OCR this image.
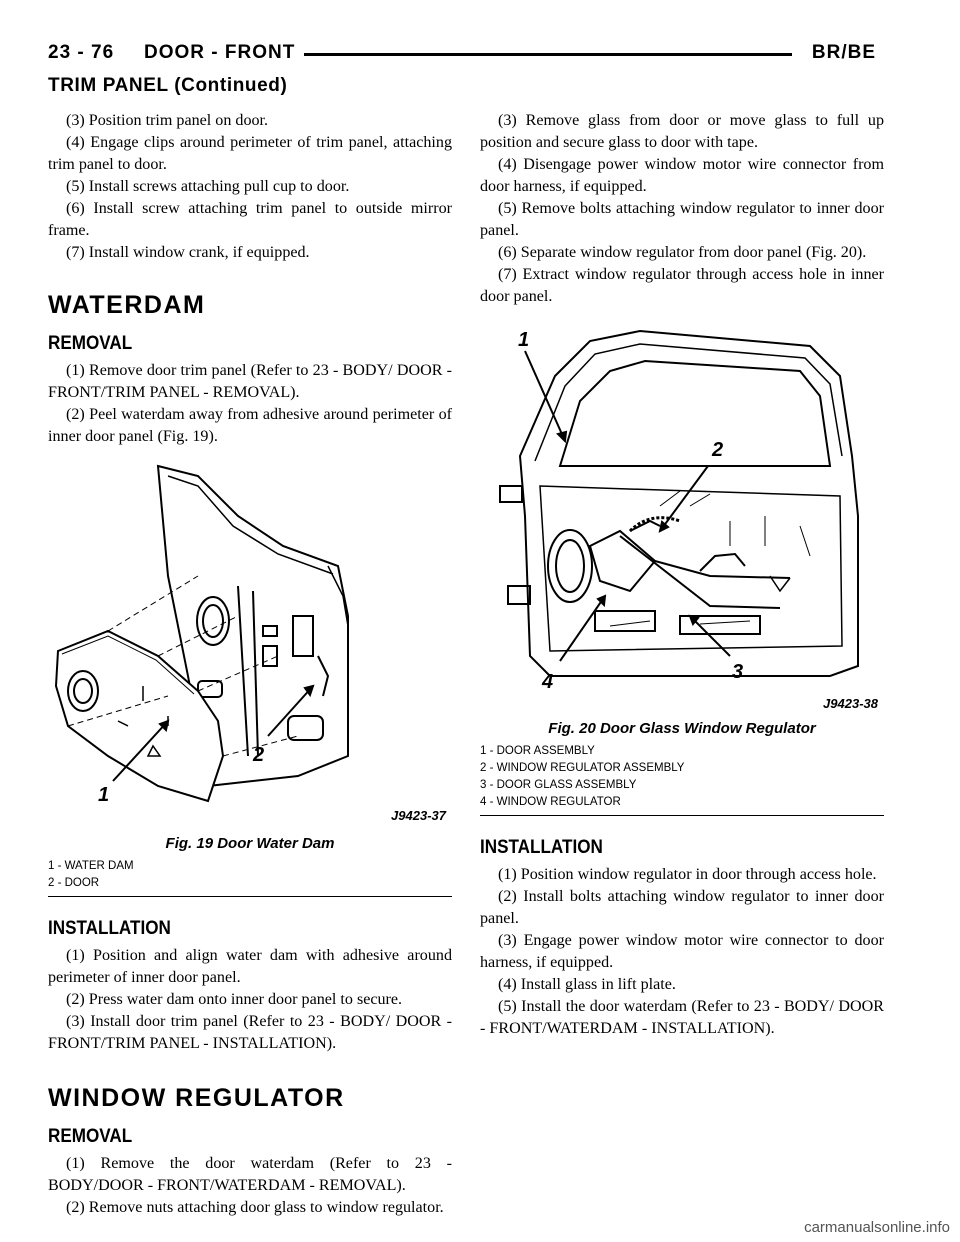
23 - 76 DOOR - FRONT	BR/BE
TRIM PANEL (Continued)

(3) Position trim panel on door.

(4) Engage clips around perimeter of trim panel, attaching trim panel to door.

(5) Install screws attaching pull cup to door.

(6) Install screw attaching trim panel to outside mirror frame.

(7) Install window crank, if equipped.

WATERDAM
REMOVAL

(1) Remove door trim panel (Refer to 23 - BODY/ DOOR - FRONT/TRIM PANEL - REMOVAL).

(2) Peel waterdam away from adhesive around perimeter of inner door panel (Fig. 19).

1
2
J9423-37
Fig. 19 Door Water Dam
1 - WATER DAM
2 - DOOR
INSTALLATION

(1) Position and align water dam with adhesive around perimeter of inner door panel.

(2) Press water dam onto inner door panel to secure.

(3) Install door trim panel (Refer to 23 - BODY/ DOOR - FRONT/TRIM PANEL - INSTALLATION).

WINDOW REGULATOR
REMOVAL

(1) Remove the door waterdam (Refer to 23 - BODY/DOOR - FRONT/WATERDAM - REMOVAL).

(2) Remove nuts attaching door glass to window regulator.

(3) Remove glass from door or move glass to full up position and secure glass to door with tape.

(4) Disengage power window motor wire connector from door harness, if equipped.

(5) Remove bolts attaching window regulator to inner door panel.

(6) Separate window regulator from door panel (Fig. 20).

(7) Extract window regulator through access hole in inner door panel.

1
2
3
4
J9423-38
Fig. 20 Door Glass Window Regulator
1 - DOOR ASSEMBLY
2 - WINDOW REGULATOR ASSEMBLY
3 - DOOR GLASS ASSEMBLY
4 - WINDOW REGULATOR
INSTALLATION

(1) Position window regulator in door through access hole.

(2) Install bolts attaching window regulator to inner door panel.

(3) Engage power window motor wire connector to door harness, if equipped.

(4) Install glass in lift plate.

(5) Install the door waterdam (Refer to 23 - BODY/ DOOR - FRONT/WATERDAM - INSTALLATION).

carmanualsonline.info
